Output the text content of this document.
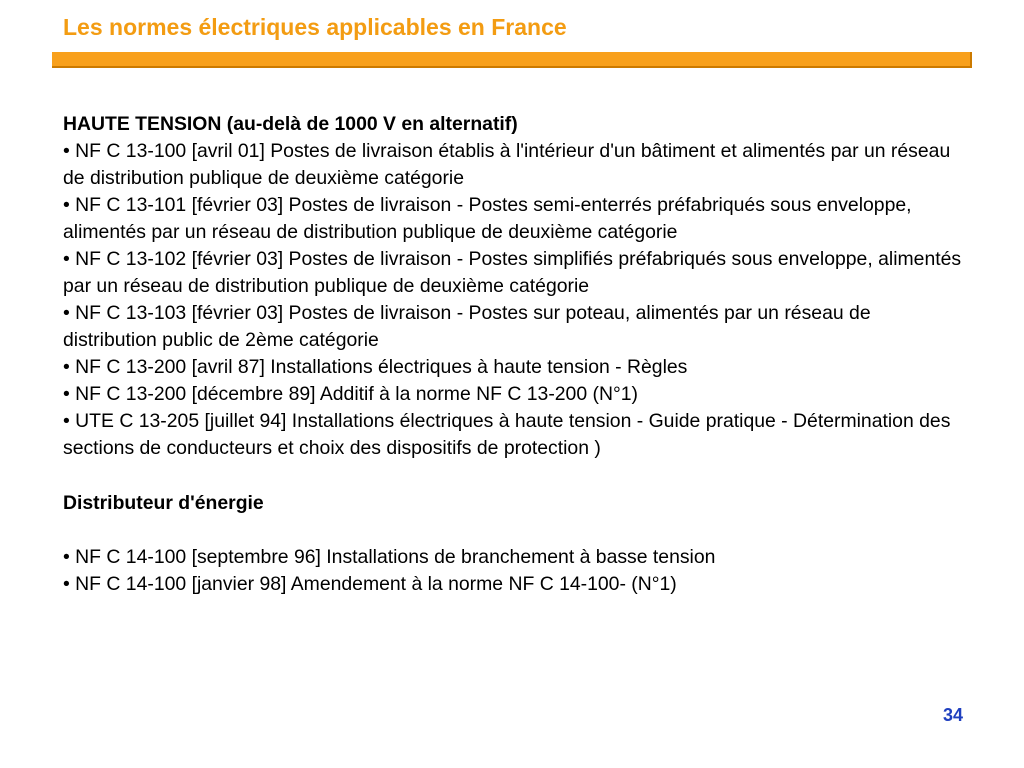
Les normes électriques applicables en France

HAUTE TENSION (au-delà de 1000 V en alternatif)

• NF C 13-100 [avril 01] Postes de livraison établis à l'intérieur d'un bâtiment et alimentés par un réseau de distribution publique de deuxième catégorie

• NF C 13-101 [février 03] Postes de livraison - Postes semi-enterrés préfabriqués sous enveloppe, alimentés par un réseau de distribution publique de deuxième catégorie

• NF C 13-102 [février 03] Postes de livraison - Postes simplifiés préfabriqués sous enveloppe, alimentés par un réseau de distribution publique de deuxième catégorie

• NF C 13-103 [février 03] Postes de livraison - Postes sur poteau, alimentés par un réseau de distribution public de 2ème catégorie

• NF C 13-200 [avril 87] Installations électriques à haute tension - Règles

• NF C 13-200 [décembre 89] Additif à la norme NF C 13-200 (N°1)

• UTE C 13-205 [juillet 94] Installations électriques à haute tension - Guide pratique - Détermination des sections de conducteurs et choix des dispositifs de protection )

Distributeur d'énergie

• NF C 14-100 [septembre 96] Installations de branchement à basse tension

• NF C 14-100 [janvier 98] Amendement à la norme NF C 14-100- (N°1)

34
